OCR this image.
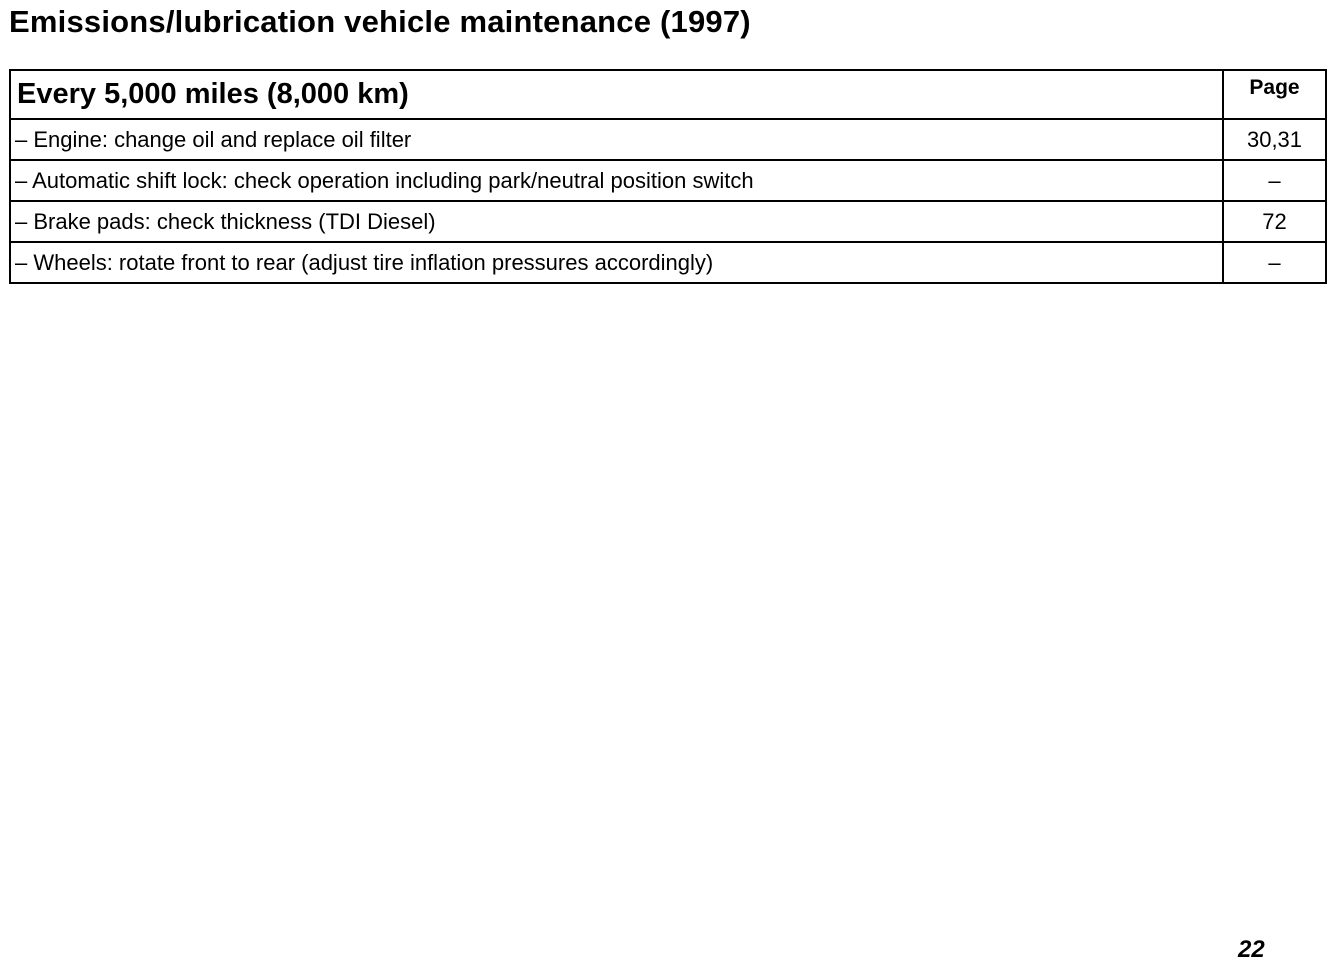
Emissions/lubrication vehicle maintenance (1997)
Every 5,000 miles (8,000 km)	Page
– Engine: change oil and replace oil filter	30,31
– Automatic shift lock: check operation including park/neutral position switch	–
– Brake pads: check thickness (TDI Diesel)	72
– Wheels: rotate front to rear (adjust tire inflation pressures accordingly)	–
22
